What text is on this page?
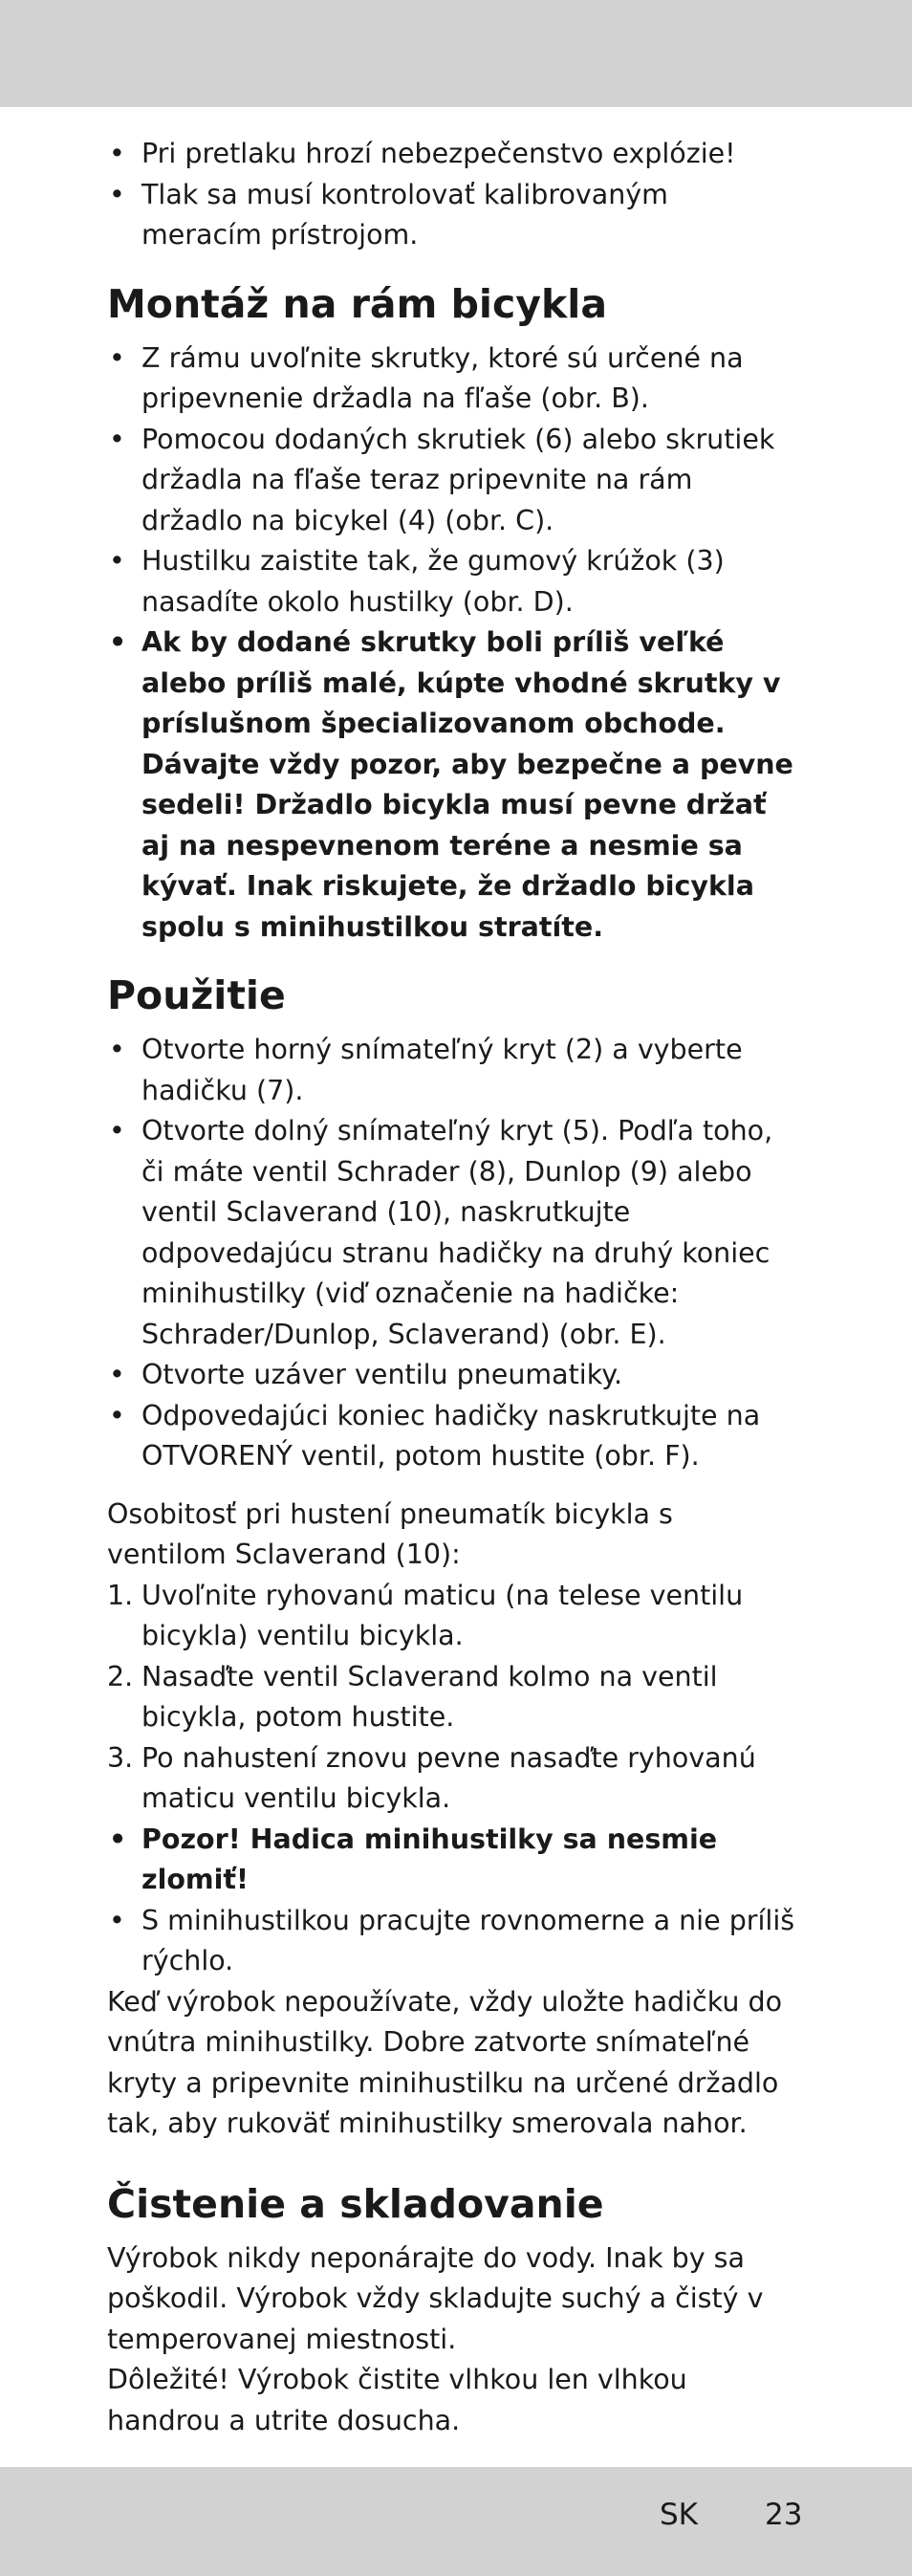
• Pri pretlaku hrozí nebezpečenstvo explózie!
• Tlak sa musí kontrolovať kalibrovaným meracím prístrojom.
Montáž na rám bicykla
• Z rámu uvoľnite skrutky, ktoré sú určené na pripevnenie držadla na fľaše (obr. B).
• Pomocou dodaných skrutiek (6) alebo skrutiek držadla na fľaše teraz pripevnite na rám držadlo na bicykel (4) (obr. C).
• Hustilku zaistite tak, že gumový krúžok (3) nasadíte okolo hustilky (obr. D).
• Ak by dodané skrutky boli príliš veľké alebo príliš malé, kúpte vhodné skrutky v príslušnom špecializovanom obchode. Dávajte vždy pozor, aby bezpečne a pevne sedeli! Držadlo bicykla musí pevne držať aj na nespevnenom teréne a nesmie sa kývať. Inak riskujete, že držadlo bicykla spolu s minihustilkou stratíte.
Použitie
• Otvorte horný snímateľný kryt (2) a vyberte hadičku (7).
• Otvorte dolný snímateľný kryt (5). Podľa toho, či máte ventil Schrader (8), Dunlop (9) alebo ventil Sclaverand (10), naskrutkujte odpovedajúcu stranu hadičky na druhý koniec minihustilky (viď označenie na hadičke: Schrader/Dunlop, Sclaverand) (obr. E).
• Otvorte uzáver ventilu pneumatiky.
• Odpovedajúci koniec hadičky naskrutkujte na OTVORENÝ ventil, potom hustite (obr. F).

Osobitosť pri hustení pneumatík bicykla s ventilom Sclaverand (10):

1. Uvoľnite ryhovanú maticu (na telese ventilu bicykla) ventilu bicykla.
2. Nasaďte ventil Sclaverand kolmo na ventil bicykla, potom hustite.
3. Po nahustení znovu pevne nasaďte ryhovanú maticu ventilu bicykla.
• Pozor! Hadica minihustilky sa nesmie zlomiť!
• S minihustilkou pracujte rovnomerne a nie príliš rýchlo.

Keď výrobok nepoužívate, vždy uložte hadičku do vnútra minihustilky. Dobre zatvorte snímateľné kryty a pripevnite minihustilku na určené držadlo tak, aby rukoväť minihustilky smerovala nahor.

Čistenie a skladovanie

Výrobok nikdy neponárajte do vody. Inak by sa poškodil. Výrobok vždy skladujte suchý a čistý v temperovanej miestnosti.

Dôležité! Výrobok čistite vlhkou len vlhkou handrou a utrite dosucha.

SK 23
